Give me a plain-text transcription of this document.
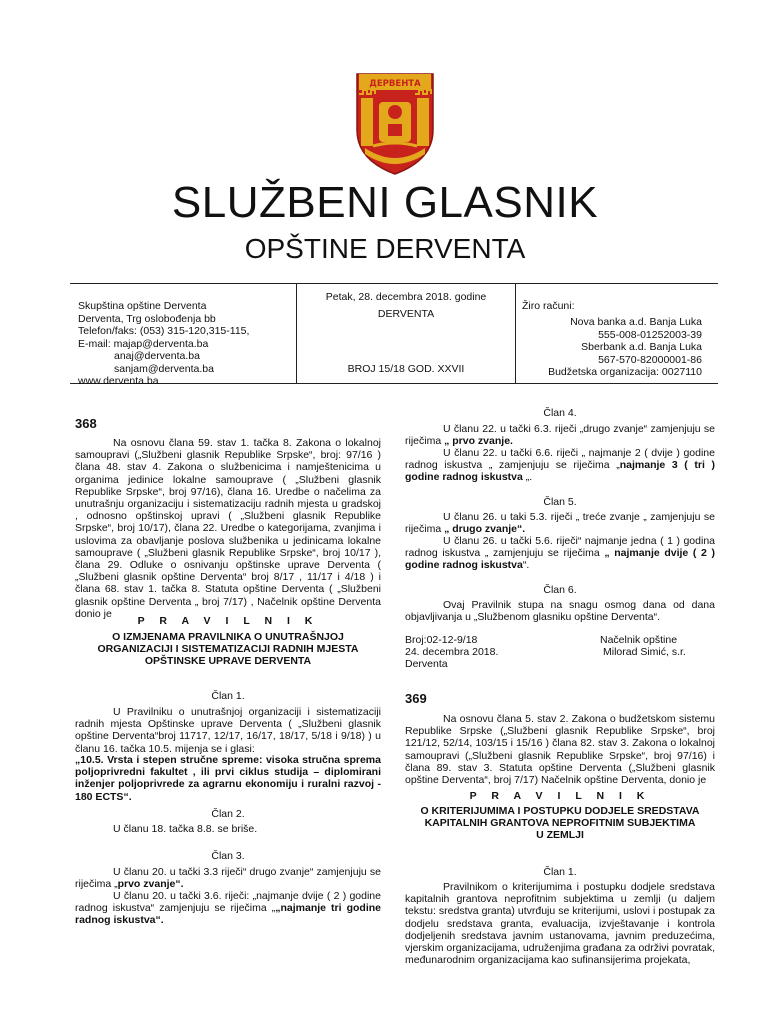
ДЕРВЕНТА
SLUŽBENI GLASNIK
OPŠTINE DERVENTA
Skupština opštine Derventa
Derventa, Trg oslobođenja bb
Telefon/faks: (053) 315-120,315-115,
E-mail: majap@derventa.ba
anaj@derventa.ba
sanjam@derventa.ba
www.derventa.ba
Petak, 28. decembra 2018. godine
DERVENTA
BROJ 15/18 GOD. XXVII
Žiro računi:
Nova banka a.d. Banja Luka
555-008-01252003-39
Sberbank a.d. Banja Luka
567-570-82000001-86
Budžetska organizacija: 0027110
368

Na osnovu člana 59. stav 1. tačka 8. Zakona o lokalnoj samoupravi („Službeni glasnik Republike Srpske“, broj: 97/16 ) člana 48. stav 4. Zakona o službenicima i namještenicima u organima jedinice lokalne samouprave ( „Službeni glasnik Republike Srpske“, broj 97/16), člana 16. Uredbe o načelima za unutrašnju organizaciju i sistematizaciju radnih mjesta u gradskoj , odnosno opštinskoj upravi ( „Službeni glasnik Republike Srpske“, broj 10/17), člana 22. Uredbe o kategorijama, zvanjima i uslovima za obavljanje poslova službenika u jedinicama lokalne samouprave ( „Službeni glasnik Republike Srpske“, broj 10/17 ), člana 29. Odluke o osnivanju opštinske uprave Derventa ( „Službeni glasnik opštine Derventa“ broj 8/17 , 11/17 i 4/18 ) i člana 68. stav 1. tačka 8. Statuta opštine Derventa ( „Službeni glasnik opštine Derventa „ broj 7/17) , Načelnik opštine Derventa donio je

P R A V I L N I K
O IZMJENAMA PRAVILNIKA O UNUTRAŠNJOJ ORGANIZACIJI I SISTEMATIZACIJI RADNIH MJESTA OPŠTINSKE UPRAVE DERVENTA
Član 1.

U Pravilniku o unutrašnjoj organizaciji i sistematizaciji radnih mjesta Opštinske uprave Derventa ( „Službeni glasnik opštine Derventa“broj 11717, 12/17, 16/17, 18/17, 5/18 i 9/18) ) u članu 16. tačka 10.5. mijenja se i glasi:

„10.5. Vrsta i stepen stručne spreme: visoka stručna sprema poljoprivredni fakultet , ili prvi ciklus studija – diplomirani inženjer poljoprivrede za agrarnu ekonomiju i ruralni razvoj - 180 ECTS“.

Član 2.

U članu 18. tačka 8.8. se briše.

Član 3.

U članu 20. u tački 3.3 riječi“ drugo zvanje“ zamjenjuju se riječima „prvo zvanje“.

U članu 20. u tački 3.6. riječi: „najmanje dvije ( 2 ) godine radnog iskustva“ zamjenjuju se riječima „„najmanje tri godine radnog iskustva“.

Član 4.

U članu 22. u tački 6.3. riječi „drugo zvanje“ zamjenjuju se riječima „ prvo zvanje.

U članu 22. u tački 6.6. riječi „ najmanje 2 ( dvije ) godine radnog iskustva „ zamjenjuju se riječima „najmanje 3 ( tri ) godine radnog iskustva „.

Član 5.

U članu 26. u taki 5.3. riječi „ treće zvanje „ zamjenjuju se riječima „ drugo zvanje“.

U članu 26. u tački 5.6. riječi“ najmanje jedna ( 1 ) godina radnog iskustva „ zamjenjuju se riječima „ najmanje dvije ( 2 ) godine radnog iskustva“.

Član 6.

Ovaj Pravilnik stupa na snagu osmog dana od dana objavljivanja u „Službenom glasniku opštine Derventa“.

Broj:02-12-9/18
24. decembra 2018.
Derventa
Načelnik opštine
Milorad Simić, s.r.
369

Na osnovu člana 5. stav 2. Zakona o budžetskom sistemu Republike Srpske („Službeni glasnik Republike Srpske“, broj 121/12, 52/14, 103/15 i 15/16 ) člana 82. stav 3. Zakona o lokalnoj samoupravi („Službeni glasnik Republike Srpske“, broj 97/16) i člana 89. stav 3. Statuta opštine Derventa („Službeni glasnik opštine Derventa“, broj 7/17) Načelnik opštine Derventa, donio je

P R A V I L N I K
O KRITERIJUMIMA I POSTUPKU DODJELE SREDSTAVA KAPITALNIH GRANTOVA NEPROFITNIM SUBJEKTIMA U ZEMLJI
Član 1.

Pravilnikom o kriterijumima i postupku dodjele sredstava kapitalnih grantova neprofitnim subjektima u zemlji (u daljem tekstu: sredstva granta) utvrđuju se kriterijumi, uslovi i postupak za dodjelu sredstava granta, evaluacija, izvještavanje i kontrola dodjeljenih sredstava javnim ustanovama, javnim preduzećima, vjerskim organizacijama, udruženjima građana za održivi povratak, međunarodnim organizacijama kao sufinansijerima projekata,
